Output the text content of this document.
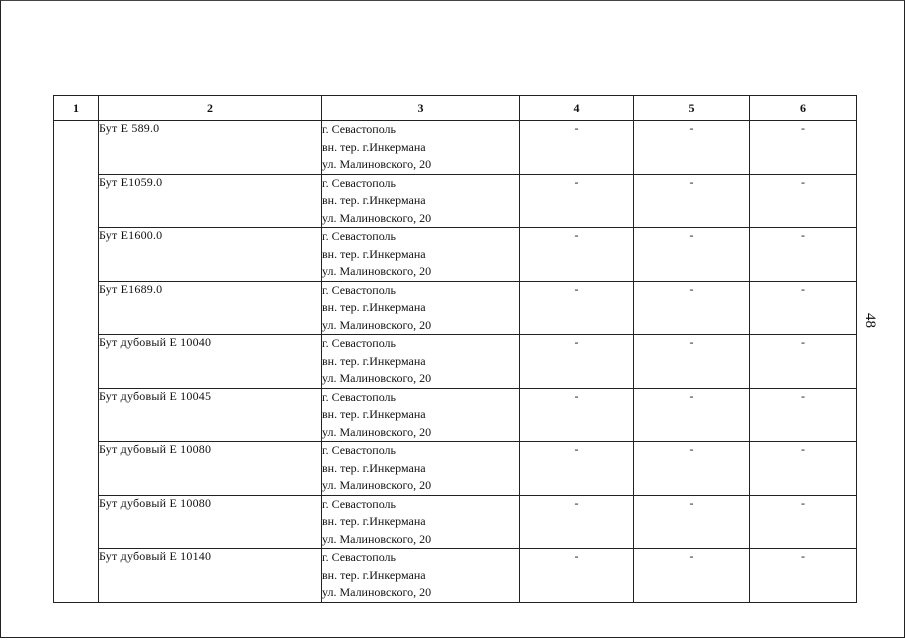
1	2	3	4	5	6
	Бут Е 589.0	г. Севастополь
вн. тер. г.Инкермана
ул. Малиновского, 20	-	-	-
	Бут Е1059.0	г. Севастополь
вн. тер. г.Инкермана
ул. Малиновского, 20	-	-	-
	Бут Е1600.0	г. Севастополь
вн. тер. г.Инкермана
ул. Малиновского, 20	-	-	-
	Бут Е1689.0	г. Севастополь
вн. тер. г.Инкермана
ул. Малиновского, 20	-	-	-
	Бут дубовый Е 10040	г. Севастополь
вн. тер. г.Инкермана
ул. Малиновского, 20	-	-	-
	Бут дубовый Е 10045	г. Севастополь
вн. тер. г.Инкермана
ул. Малиновского, 20	-	-	-
	Бут дубовый Е 10080	г. Севастополь
вн. тер. г.Инкермана
ул. Малиновского, 20	-	-	-
	Бут дубовый Е 10080	г. Севастополь
вн. тер. г.Инкермана
ул. Малиновского, 20	-	-	-
	Бут дубовый Е 10140	г. Севастополь
вн. тер. г.Инкермана
ул. Малиновского, 20	-	-	-
48
